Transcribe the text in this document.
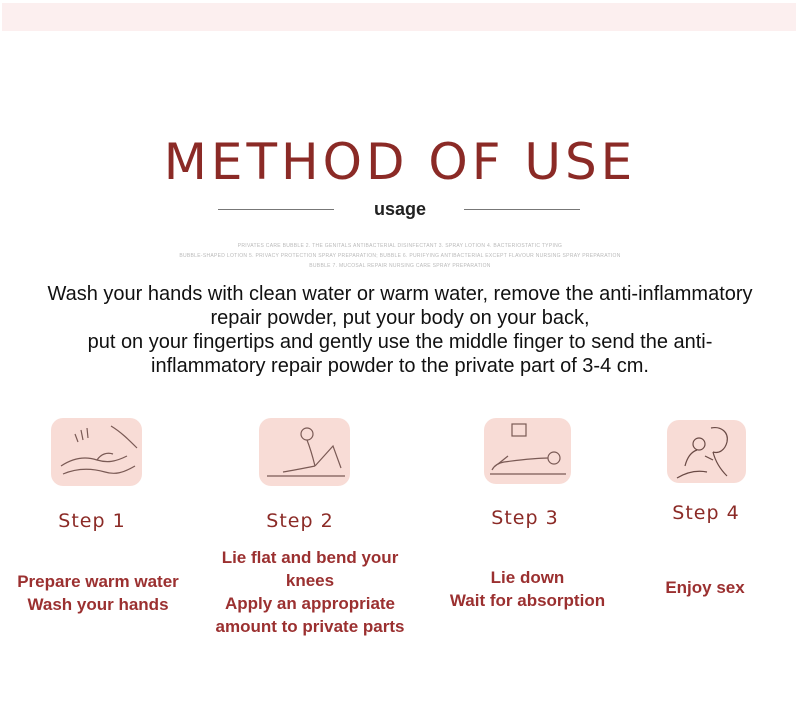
METHOD OF USE
usage
PRIVATES CARE BUBBLE 2. THE GENITALS ANTIBACTERIAL DISINFECTANT 3. SPRAY LOTION 4. BACTERIOSTATIC TYPING
BUBBLE-SHAPED LOTION 5. PRIVACY PROTECTION SPRAY PREPARATION; BUBBLE 6. PURIFYING ANTIBACTERIAL EXCEPT FLAVOUR NURSING SPRAY PREPARATION
BUBBLE 7. MUCOSAL REPAIR NURSING CARE SPRAY PREPARATION
Wash your hands with clean water or warm water, remove the anti-inflammatory
repair powder, put your body on your back,
put on your fingertips and gently use the middle finger to send the anti-
inflammatory repair powder to the private part of 3-4 cm.
Step 1
Prepare warm water
Wash your hands
Step 2
Lie flat and bend your
knees
Apply an appropriate
amount to private parts
Step 3
Lie down
Wait for absorption
Step 4
Enjoy sex
